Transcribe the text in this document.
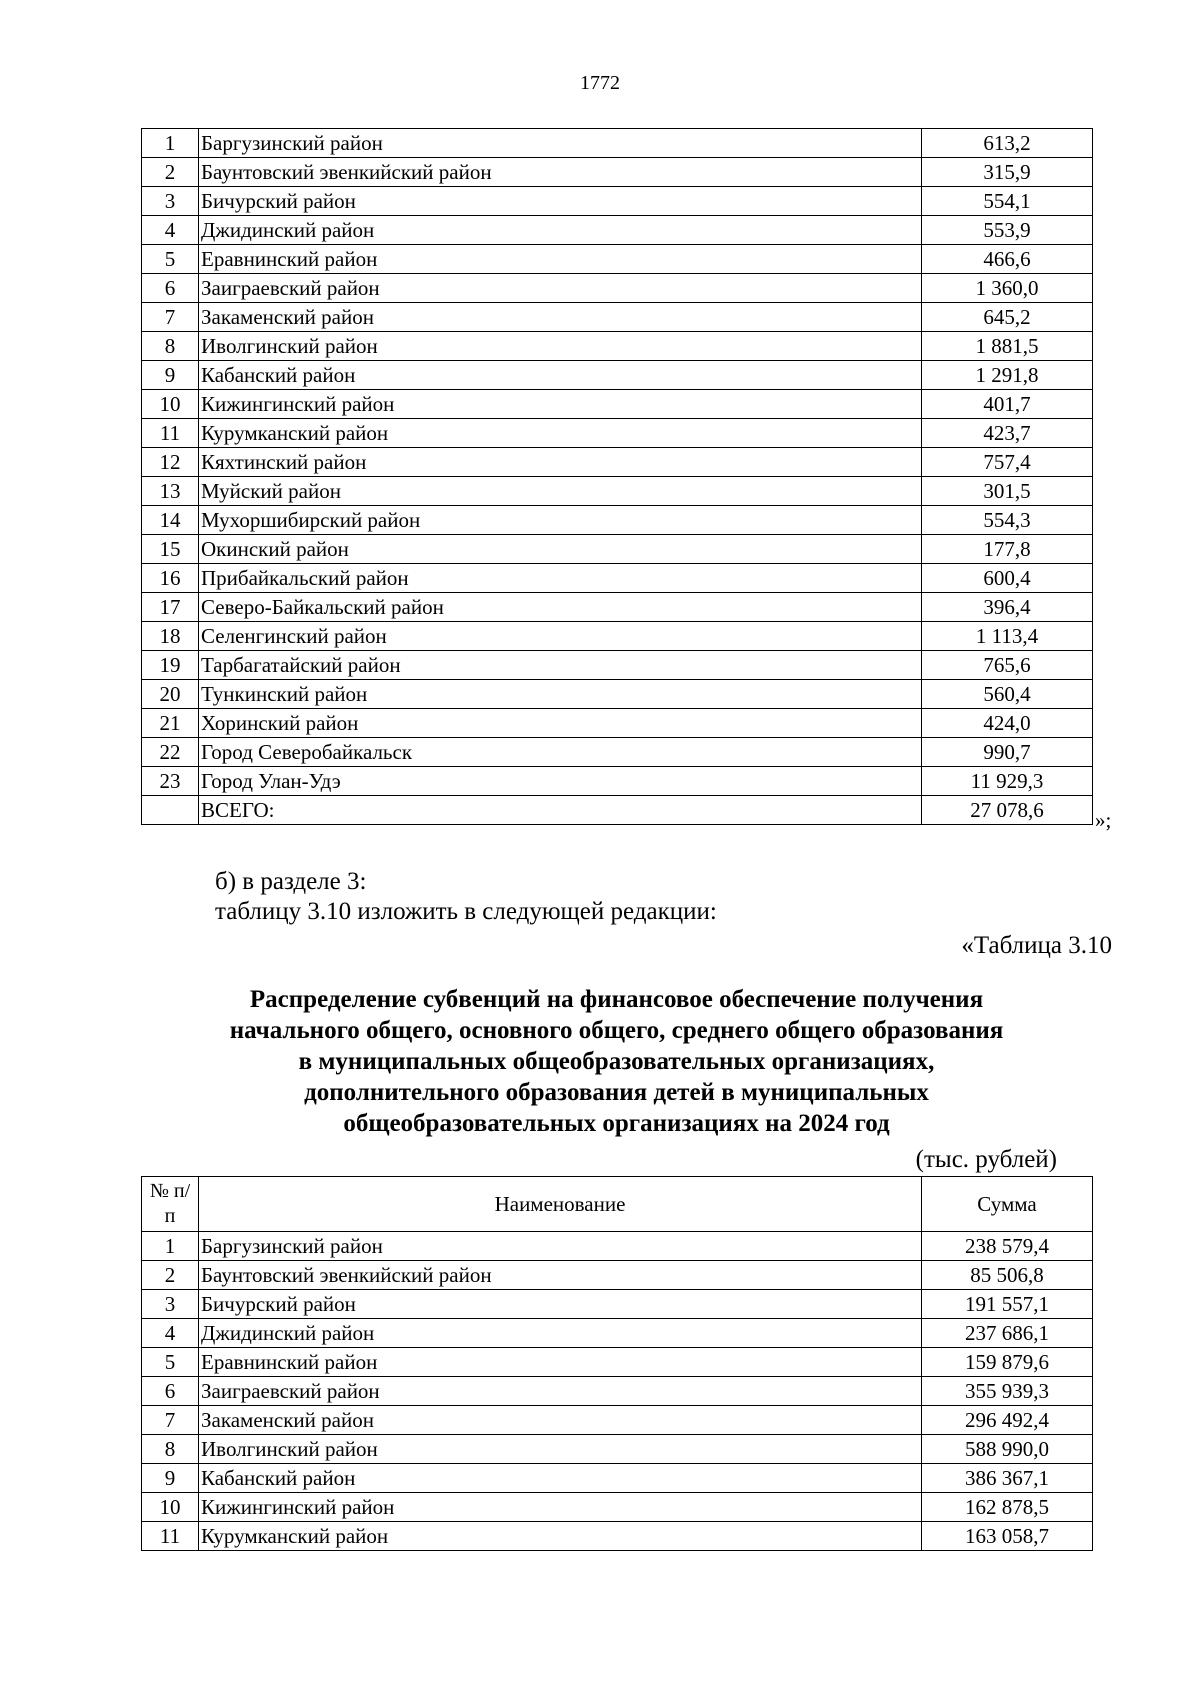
1772
1	Баргузинский район	613,2
2	Баунтовский эвенкийский район	315,9
3	Бичурский район	554,1
4	Джидинский район	553,9
5	Еравнинский район	466,6
6	Заиграевский район	1 360,0
7	Закаменский район	645,2
8	Иволгинский район	1 881,5
9	Кабанский район	1 291,8
10	Кижингинский район	401,7
11	Курумканский район	423,7
12	Кяхтинский район	757,4
13	Муйский район	301,5
14	Мухоршибирский район	554,3
15	Окинский район	177,8
16	Прибайкальский район	600,4
17	Северо-Байкальский район	396,4
18	Селенгинский район	1 113,4
19	Тарбагатайский район	765,6
20	Тункинский район	560,4
21	Хоринский район	424,0
22	Город Северобайкальск	990,7
23	Город Улан-Удэ	11 929,3
	ВСЕГО:	27 078,6 »;
б) в разделе 3:
таблицу 3.10 изложить в следующей редакции:
«Таблица 3.10
Распределение субвенций на финансовое обеспечение получения
начального общего, основного общего, среднего общего образования
в муниципальных общеобразовательных организациях,
дополнительного образования детей в муниципальных
общеобразовательных организациях на 2024 год
(тыс. рублей)
№ п/п	Наименование	Сумма
1	Баргузинский район	238 579,4
2	Баунтовский эвенкийский район	85 506,8
3	Бичурский район	191 557,1
4	Джидинский район	237 686,1
5	Еравнинский район	159 879,6
6	Заиграевский район	355 939,3
7	Закаменский район	296 492,4
8	Иволгинский район	588 990,0
9	Кабанский район	386 367,1
10	Кижингинский район	162 878,5
11	Курумканский район	163 058,7
